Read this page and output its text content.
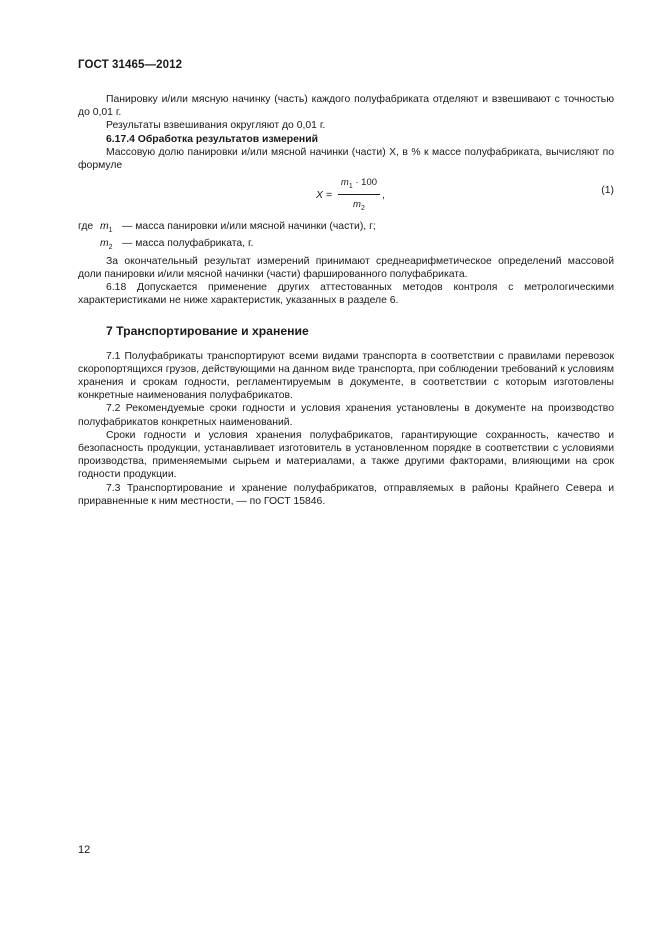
ГОСТ 31465—2012

Панировку и/или мясную начинку (часть) каждого полуфабриката отделяют и взвешивают с точностью до 0,01 г.

Результаты взвешивания округляют до 0,01 г.

6.17.4 Обработка результатов измерений

Массовую долю панировки и/или мясной начинки (части) X, в % к массе полуфабриката, вычисляют по формуле

$X = \frac{m_1 \cdot 100}{m_2}$ ,	(1)
где $m_1$ — масса панировки и/или мясной начинки (части), г;
$m_2$ — масса полуфабриката, г.

За окончательный результат измерений принимают среднеарифметическое определений массовой доли панировки и/или мясной начинки (части) фаршированного полуфабриката.

6.18 Допускается применение других аттестованных методов контроля с метрологическими характеристиками не ниже характеристик, указанных в разделе 6.

7 Транспортирование и хранение

7.1 Полуфабрикаты транспортируют всеми видами транспорта в соответствии с правилами перевозок скоропортящихся грузов, действующими на данном виде транспорта, при соблюдении требований к условиям хранения и срокам годности, регламентируемым в документе, в соответствии с которым изготовлены конкретные наименования полуфабрикатов.

7.2 Рекомендуемые сроки годности и условия хранения установлены в документе на производство полуфабрикатов конкретных наименований.

Сроки годности и условия хранения полуфабрикатов, гарантирующие сохранность, качество и безопасность продукции, устанавливает изготовитель в установленном порядке в соответствии с условиями производства, применяемыми сырьем и материалами, а также другими факторами, влияющими на срок годности продукции.

7.3 Транспортирование и хранение полуфабрикатов, отправляемых в районы Крайнего Севера и приравненные к ним местности, — по ГОСТ 15846.

12
